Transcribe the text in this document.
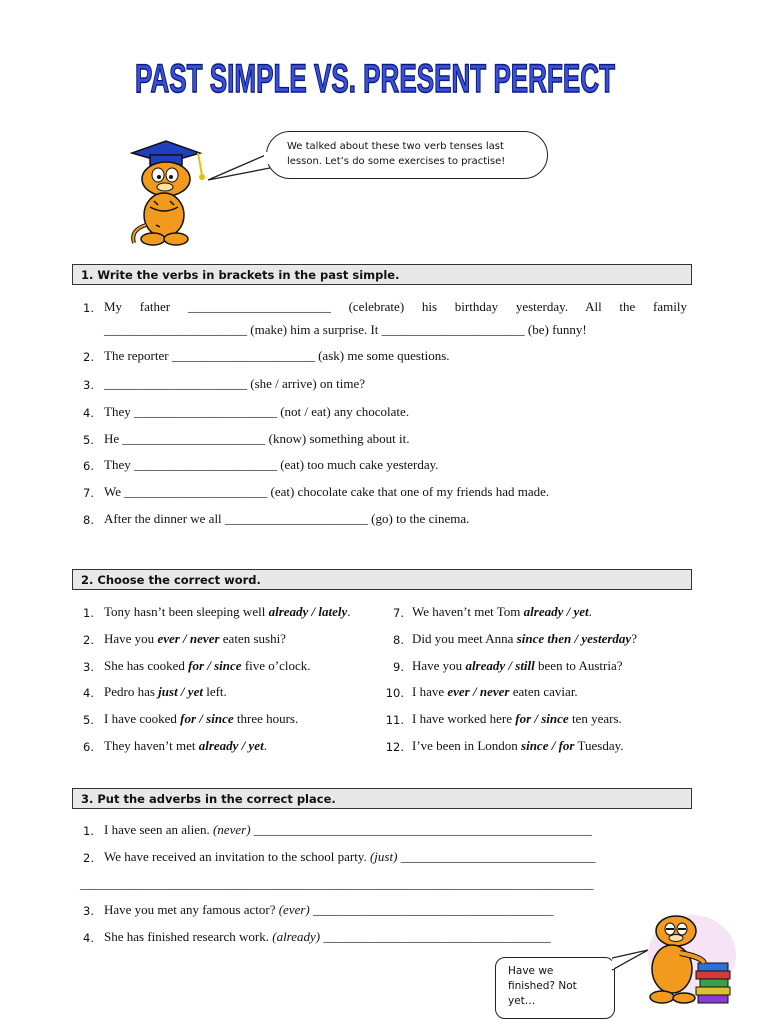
PAST SIMPLE VS. PRESENT PERFECT
We talked about these two verb tenses last lesson. Let’s do some exercises to practise!
1. Write the verbs in brackets in the past simple.
1. My father ______________________ (celebrate) his birthday yesterday. All the family
______________________ (make) him a surprise. It ______________________ (be) funny!
2. The reporter ______________________ (ask) me some questions.
3. ______________________ (she / arrive) on time?
4. They ______________________ (not / eat) any chocolate.
5. He ______________________ (know) something about it.
6. They ______________________ (eat) too much cake yesterday.
7. We ______________________ (eat) chocolate cake that one of my friends had made.
8. After the dinner we all ______________________ (go) to the cinema.
2. Choose the correct word.
1. Tony hasn’t been sleeping well already / lately.
2. Have you ever / never eaten sushi?
3. She has cooked for / since five o’clock.
4. Pedro has just / yet left.
5. I have cooked for / since three hours.
6. They haven’t met already / yet.
7. We haven’t met Tom already / yet.
8. Did you meet Anna since then / yesterday?
9. Have you already / still been to Austria?
10. I have ever / never eaten caviar.
11. I have worked here for / since ten years.
12. I’ve been in London since / for Tuesday.
3. Put the adverbs in the correct place.
1. I have seen an alien. (never) ____________________________________________________
2. We have received an invitation to the school party. (just) ______________________________
_______________________________________________________________________________
3. Have you met any famous actor? (ever) _____________________________________
4. She has finished research work. (already) ___________________________________
Have we finished? Not yet…
